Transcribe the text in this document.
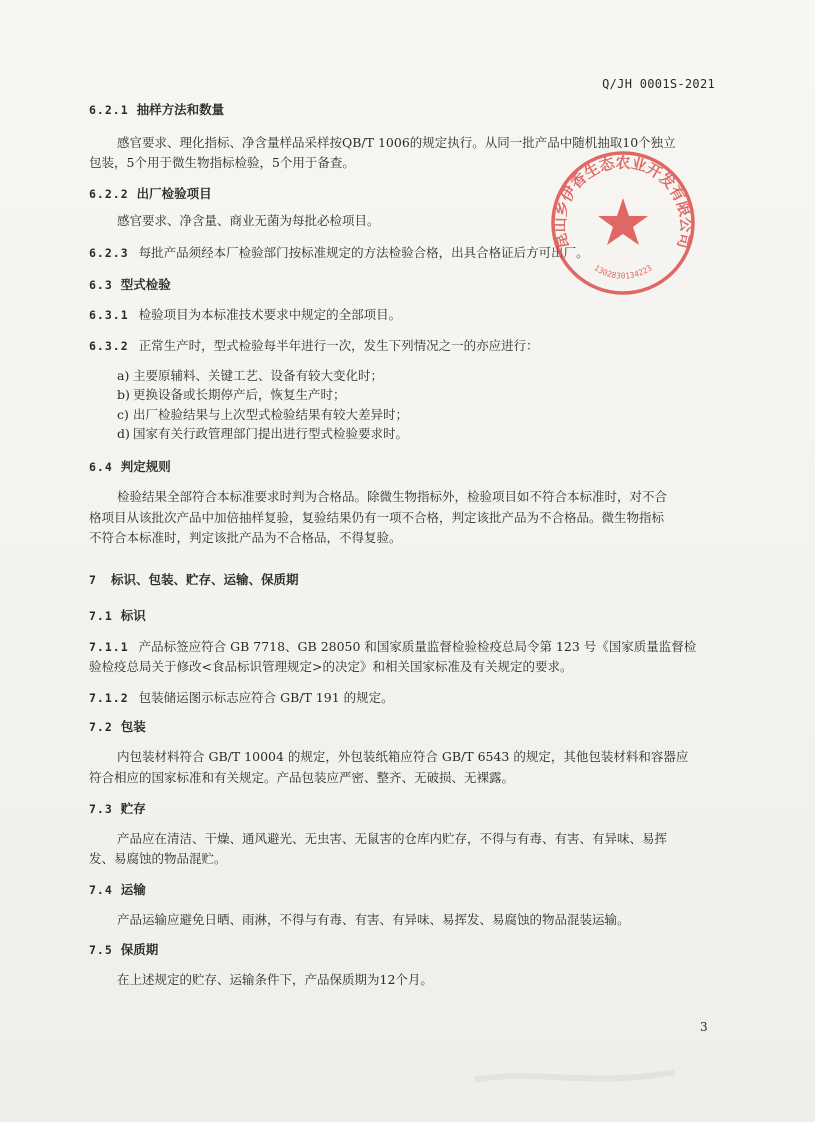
Q/JH 0001S-2021
6.2.1 抽样方法和数量
感官要求、理化指标、净含量样品采样按QB/T 1006的规定执行。从同一批产品中随机抽取10个独立
包装，5个用于微生物指标检验，5个用于备查。
6.2.2 出厂检验项目
感官要求、净含量、商业无菌为每批必检项目。
6.2.3 每批产品须经本厂检验部门按标准规定的方法检验合格，出具合格证后方可出厂。
6.3 型式检验
6.3.1 检验项目为本标准技术要求中规定的全部项目。
6.3.2 正常生产时，型式检验每半年进行一次，发生下列情况之一的亦应进行：
a) 主要原辅料、关键工艺、设备有较大变化时；
b) 更换设备或长期停产后，恢复生产时；
c) 出厂检验结果与上次型式检验结果有较大差异时；
d) 国家有关行政管理部门提出进行型式检验要求时。
6.4 判定规则
检验结果全部符合本标准要求时判为合格品。除微生物指标外，检验项目如不符合本标准时，对不合
格项目从该批次产品中加倍抽样复验，复验结果仍有一项不合格，判定该批产品为不合格品。微生物指标
不符合本标准时，判定该批产品为不合格品，不得复验。
7 标识、包装、贮存、运输、保质期
7.1 标识
7.1.1 产品标签应符合 GB 7718、GB 28050 和国家质量监督检验检疫总局令第 123 号《国家质量监督检
验检疫总局关于修改<食品标识管理规定>的决定》和相关国家标准及有关规定的要求。
7.1.2 包装储运图示标志应符合 GB/T 191 的规定。
7.2 包装
内包装材料符合 GB/T 10004 的规定，外包装纸箱应符合 GB/T 6543 的规定，其他包装材料和容器应
符合相应的国家标准和有关规定。产品包装应严密、整齐、无破损、无裸露。
7.3 贮存
产品应在清洁、干燥、通风避光、无虫害、无鼠害的仓库内贮存，不得与有毒、有害、有异味、易挥
发、易腐蚀的物品混贮。
7.4 运输
产品运输应避免日晒、雨淋，不得与有毒、有害、有异味、易挥发、易腐蚀的物品混装运输。
7.5 保质期
在上述规定的贮存、运输条件下，产品保质期为12个月。
昆山乡伊香生态农业开发有限公司
1302830134223
3
